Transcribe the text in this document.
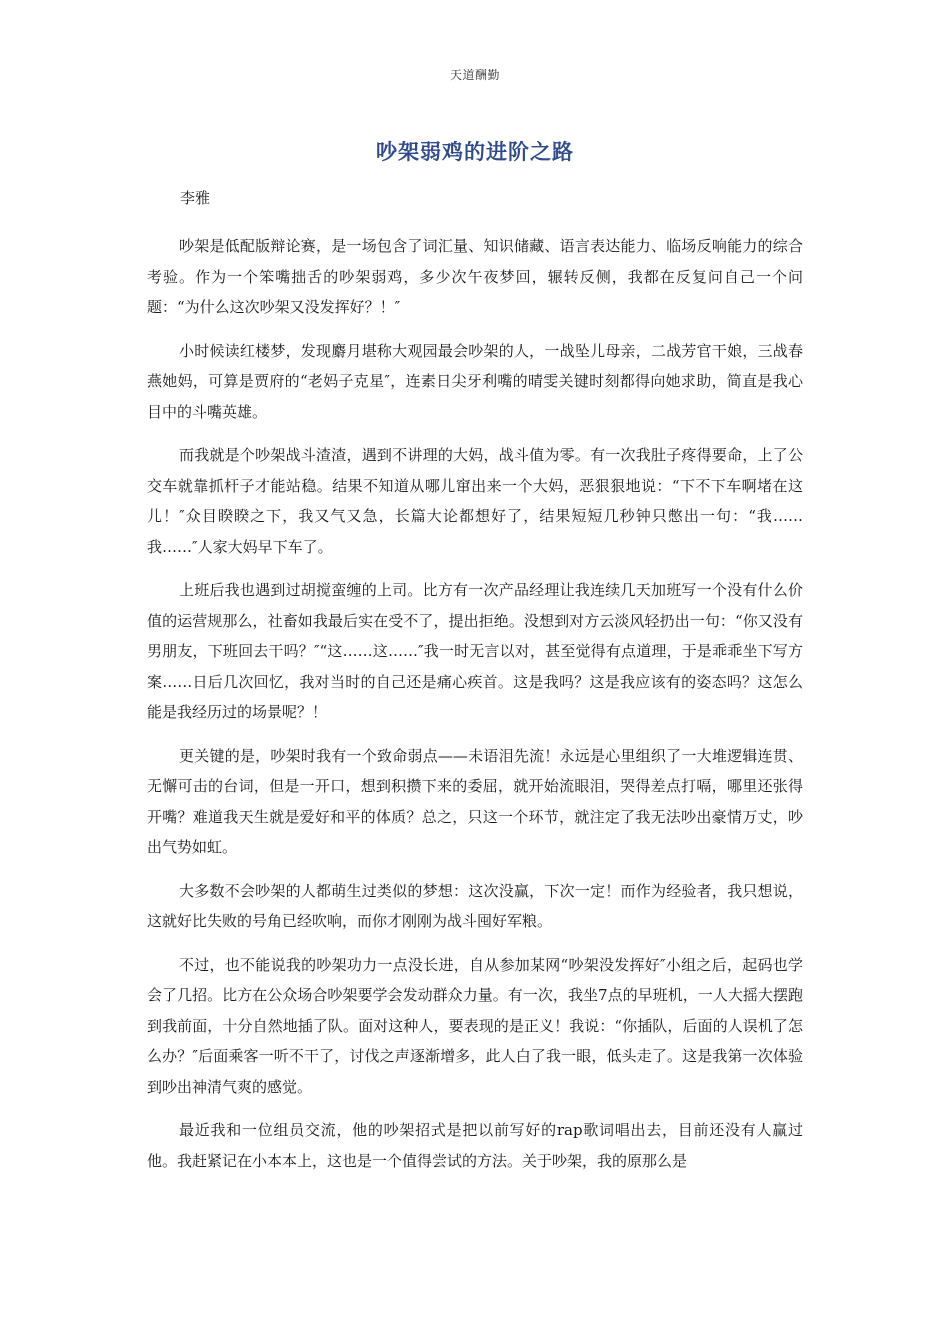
天道酬勤
吵架弱鸡的进阶之路
李雅

吵架是低配版辩论赛，是一场包含了词汇量、知识储藏、语言表达能力、临场反响能力的综合考验。作为一个笨嘴拙舌的吵架弱鸡，多少次午夜梦回，辗转反侧，我都在反复问自己一个问题：“为什么这次吵架又没发挥好？！″

小时候读红楼梦，发现麝月堪称大观园最会吵架的人，一战坠儿母亲，二战芳官干娘，三战春燕她妈，可算是贾府的“老妈子克星″，连素日尖牙利嘴的晴雯关键时刻都得向她求助，简直是我心目中的斗嘴英雄。

而我就是个吵架战斗渣渣，遇到不讲理的大妈，战斗值为零。有一次我肚子疼得要命，上了公交车就靠抓杆子才能站稳。结果不知道从哪儿窜出来一个大妈，恶狠狠地说：“下不下车啊堵在这儿！″众目睽睽之下，我又气又急，长篇大论都想好了，结果短短几秒钟只憋出一句：“我……我……″人家大妈早下车了。

上班后我也遇到过胡搅蛮缠的上司。比方有一次产品经理让我连续几天加班写一个没有什么价值的运营规那么，社畜如我最后实在受不了，提出拒绝。没想到对方云淡风轻扔出一句：“你又没有男朋友，下班回去干吗？″“这……这……″我一时无言以对，甚至觉得有点道理，于是乖乖坐下写方案……日后几次回忆，我对当时的自己还是痛心疾首。这是我吗？这是我应该有的姿态吗？这怎么能是我经历过的场景呢？！

更关键的是，吵架时我有一个致命弱点——未语泪先流！永远是心里组织了一大堆逻辑连贯、无懈可击的台词，但是一开口，想到积攒下来的委屈，就开始流眼泪，哭得差点打嗝，哪里还张得开嘴？难道我天生就是爱好和平的体质？总之，只这一个环节，就注定了我无法吵出豪情万丈，吵出气势如虹。

大多数不会吵架的人都萌生过类似的梦想：这次没赢，下次一定！而作为经验者，我只想说，这就好比失败的号角已经吹响，而你才刚刚为战斗囤好军粮。

不过，也不能说我的吵架功力一点没长进，自从参加某网“吵架没发挥好″小组之后，起码也学会了几招。比方在公众场合吵架要学会发动群众力量。有一次，我坐7点的早班机，一人大摇大摆跑到我前面，十分自然地插了队。面对这种人，要表现的是正义！我说：“你插队，后面的人误机了怎么办？″后面乘客一听不干了，讨伐之声逐渐增多，此人白了我一眼，低头走了。这是我第一次体验到吵出神清气爽的感觉。

最近我和一位组员交流，他的吵架招式是把以前写好的rap歌词唱出去，目前还没有人赢过他。我赶紧记在小本本上，这也是一个值得尝试的方法。关于吵架，我的原那么是
